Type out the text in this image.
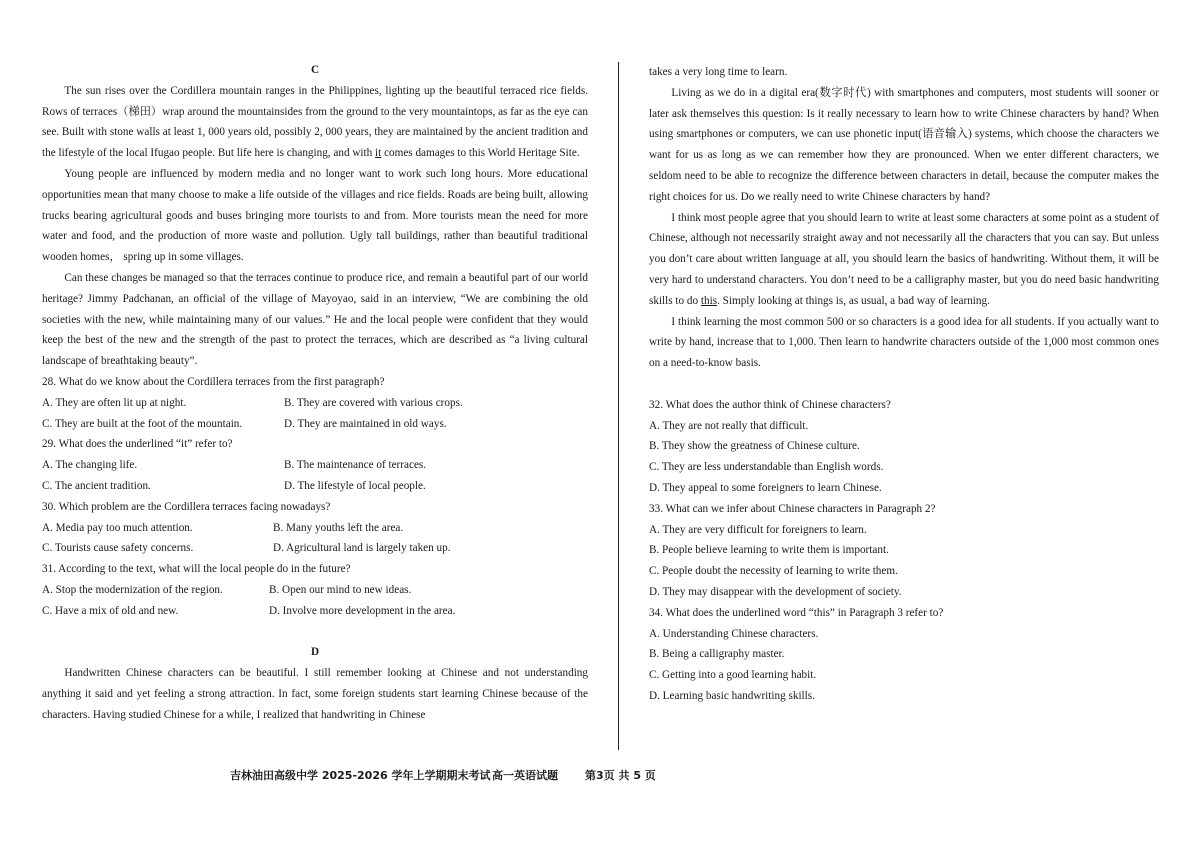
C

The sun rises over the Cordillera mountain ranges in the Philippines, lighting up the beautiful terraced rice fields. Rows of terraces（梯田）wrap around the mountainsides from the ground to the very mountaintops, as far as the eye can see. Built with stone walls at least 1, 000 years old, possibly 2, 000 years, they are maintained by the ancient tradition and the lifestyle of the local Ifugao people. But life here is changing, and with it comes damages to this World Heritage Site.

Young people are influenced by modern media and no longer want to work such long hours. More educational opportunities mean that many choose to make a life outside of the villages and rice fields. Roads are being built, allowing trucks bearing agricultural goods and buses bringing more tourists to and from. More tourists mean the need for more water and food, and the production of more waste and pollution. Ugly tall buildings, rather than beautiful traditional wooden homes， spring up in some villages.

Can these changes be managed so that the terraces continue to produce rice, and remain a beautiful part of our world heritage? Jimmy Padchanan, an official of the village of Mayoyao, said in an interview, “We are combining the old societies with the new, while maintaining many of our values.” He and the local people were confident that they would keep the best of the new and the strength of the past to protect the terraces, which are described as “a living cultural landscape of breathtaking beauty”.

28. What do we know about the Cordillera terraces from the first paragraph?

A. They are often lit up at night.	B. They are covered with various crops.
C. They are built at the foot of the mountain.	D. They are maintained in old ways.

29. What does the underlined “it” refer to?

A. The changing life.	B. The maintenance of terraces.
C. The ancient tradition.	D. The lifestyle of local people.

30. Which problem are the Cordillera terraces facing nowadays?

A. Media pay too much attention.	B. Many youths left the area.
C. Tourists cause safety concerns.	D. Agricultural land is largely taken up.

31. According to the text, what will the local people do in the future?

A. Stop the modernization of the region.	B. Open our mind to new ideas.
C. Have a mix of old and new.	D. Involve more development in the area.

D

Handwritten Chinese characters can be beautiful. I still remember looking at Chinese and not understanding anything it said and yet feeling a strong attraction. In fact, some foreign students start learning Chinese because of the characters. Having studied Chinese for a while, I realized that handwriting in Chinese

takes a very long time to learn.

Living as we do in a digital era(数字时代) with smartphones and computers, most students will sooner or later ask themselves this question: Is it really necessary to learn how to write Chinese characters by hand? When using smartphones or computers, we can use phonetic input(语音输入) systems, which choose the characters we want for us as long as we can remember how they are pronounced. When we enter different characters, we seldom need to be able to recognize the difference between characters in detail, because the computer makes the right choices for us. Do we really need to write Chinese characters by hand?

I think most people agree that you should learn to write at least some characters at some point as a student of Chinese, although not necessarily straight away and not necessarily all the characters that you can say. But unless you don’t care about written language at all, you should learn the basics of handwriting. Without them, it will be very hard to understand characters. You don’t need to be a calligraphy master, but you do need basic handwriting skills to do this. Simply looking at things is, as usual, a bad way of learning.

I think learning the most common 500 or so characters is a good idea for all students. If you actually want to write by hand, increase that to 1,000. Then learn to handwrite characters outside of the 1,000 most common ones on a need-to-know basis.

32. What does the author think of Chinese characters?

A. They are not really that difficult.

B. They show the greatness of Chinese culture.

C. They are less understandable than English words.

D. They appeal to some foreigners to learn Chinese.

33. What can we infer about Chinese characters in Paragraph 2?

A. They are very difficult for foreigners to learn.

B. People believe learning to write them is important.

C. People doubt the necessity of learning to write them.

D. They may disappear with the development of society.

34. What does the underlined word “this” in Paragraph 3 refer to?

A. Understanding Chinese characters.

B. Being a calligraphy master.

C. Getting into a good learning habit.

D. Learning basic handwriting skills.

吉林油田高级中学 2025-2026 学年上学期期末考试 高一英语试题 第3页 共 5 页
